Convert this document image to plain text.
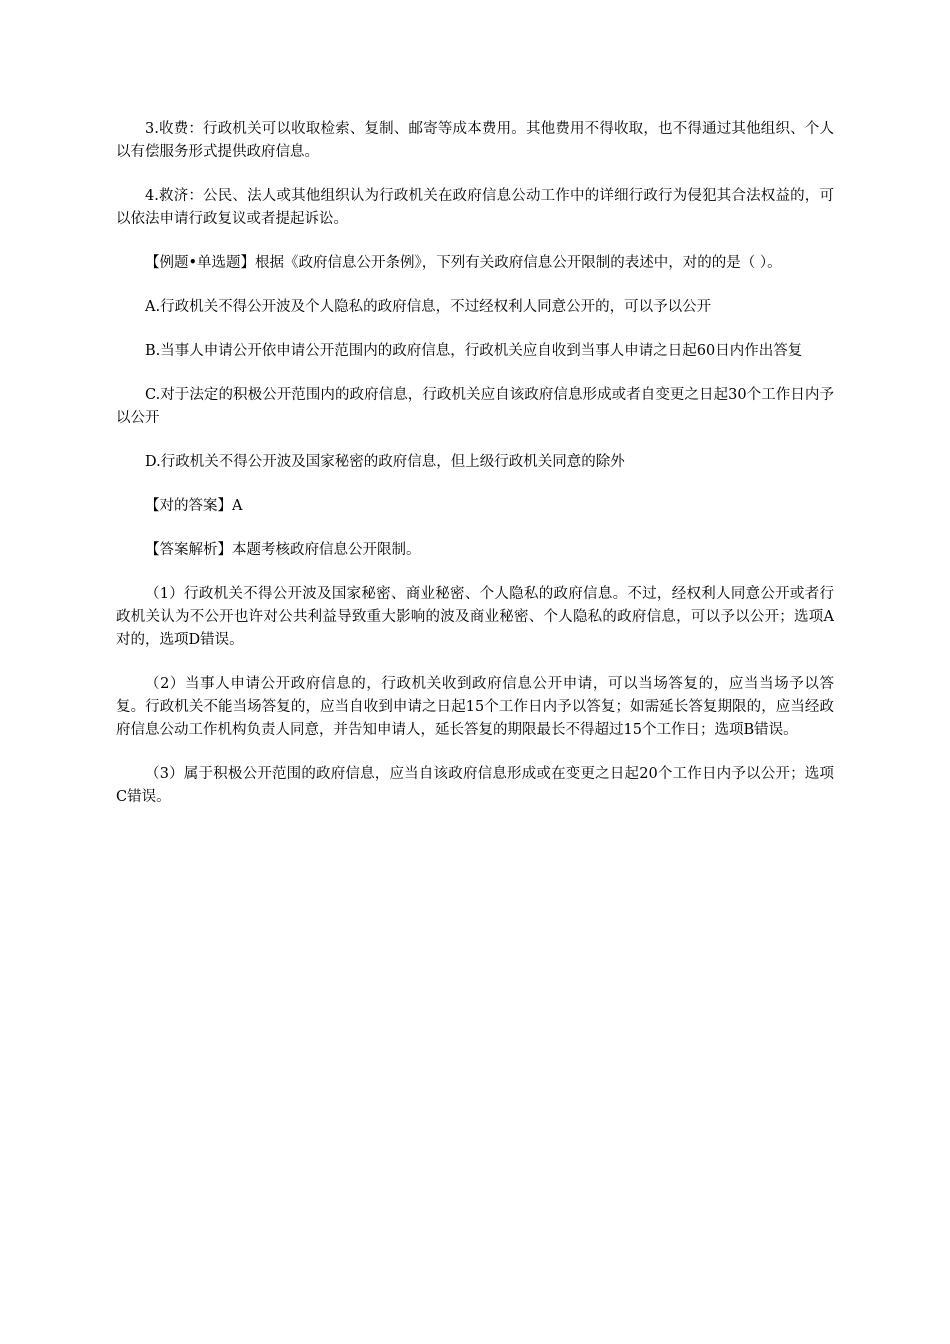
3.收费：行政机关可以收取检索、复制、邮寄等成本费用。其他费用不得收取，也不得通过其他组织、个人以有偿服务形式提供政府信息。

4.救济：公民、法人或其他组织认为行政机关在政府信息公动工作中的详细行政行为侵犯其合法权益的，可以依法申请行政复议或者提起诉讼。

【例题•单选题】根据《政府信息公开条例》，下列有关政府信息公开限制的表述中，对的的是（ ）。

A.行政机关不得公开波及个人隐私的政府信息，不过经权利人同意公开的，可以予以公开

B.当事人申请公开依申请公开范围内的政府信息，行政机关应自收到当事人申请之日起60日内作出答复

C.对于法定的积极公开范围内的政府信息，行政机关应自该政府信息形成或者自变更之日起30个工作日内予以公开

D.行政机关不得公开波及国家秘密的政府信息，但上级行政机关同意的除外

【对的答案】A

【答案解析】本题考核政府信息公开限制。

（1）行政机关不得公开波及国家秘密、商业秘密、个人隐私的政府信息。不过，经权利人同意公开或者行政机关认为不公开也许对公共利益导致重大影响的波及商业秘密、个人隐私的政府信息，可以予以公开；选项A对的，选项D错误。

（2）当事人申请公开政府信息的，行政机关收到政府信息公开申请，可以当场答复的，应当当场予以答复。行政机关不能当场答复的，应当自收到申请之日起15个工作日内予以答复；如需延长答复期限的，应当经政府信息公动工作机构负责人同意，并告知申请人，延长答复的期限最长不得超过15个工作日；选项B错误。

（3）属于积极公开范围的政府信息，应当自该政府信息形成或在变更之日起20个工作日内予以公开；选项C错误。
